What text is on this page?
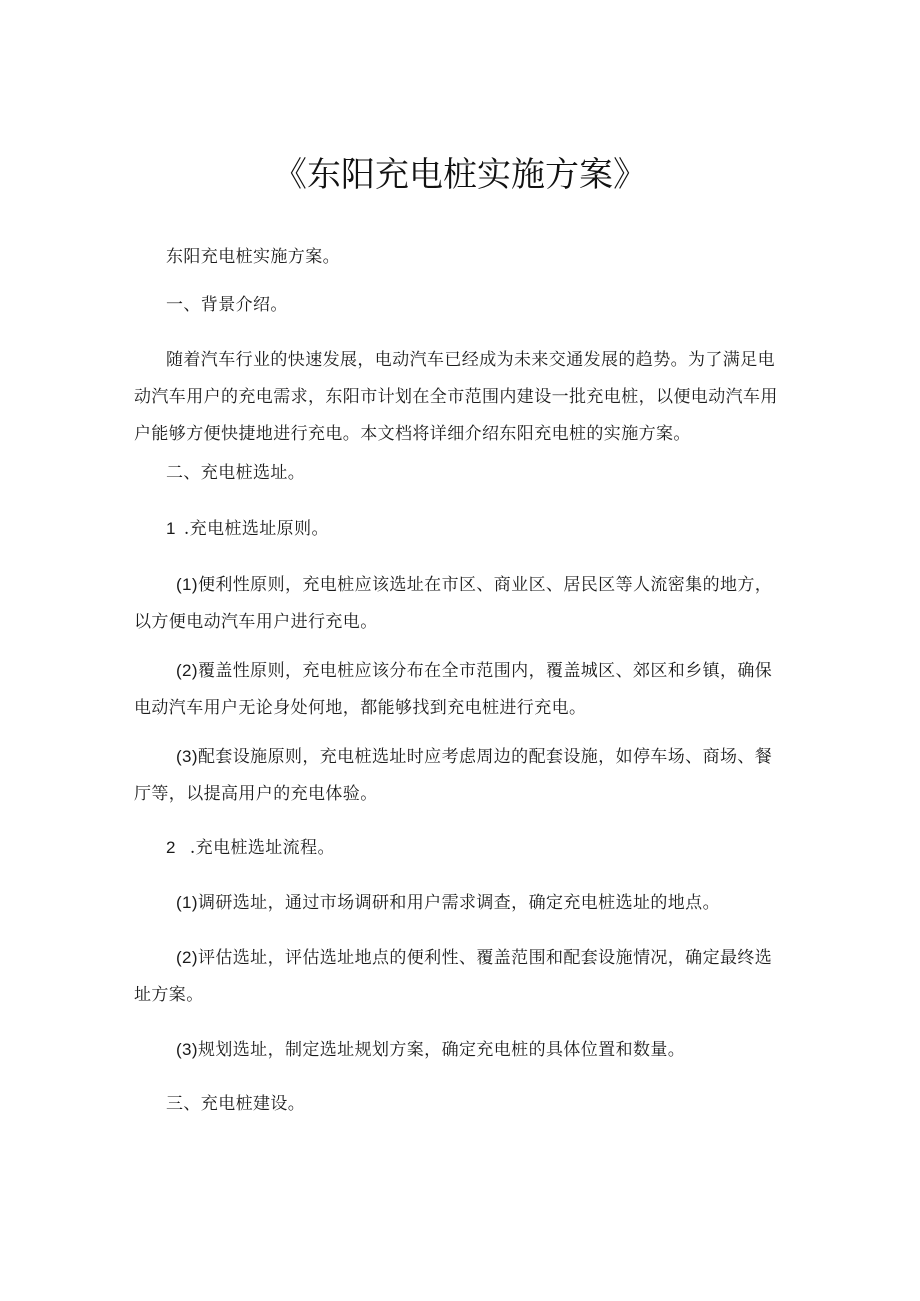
《东阳充电桩实施方案》

东阳充电桩实施方案。

一、背景介绍。

随着汽车行业的快速发展，电动汽车已经成为未来交通发展的趋势。为了满足电动汽车用户的充电需求，东阳市计划在全市范围内建设一批充电桩，以便电动汽车用户能够方便快捷地进行充电。本文档将详细介绍东阳充电桩的实施方案。

二、充电桩选址。

1 .充电桩选址原则。

(1)便利性原则，充电桩应该选址在市区、商业区、居民区等人流密集的地方，以方便电动汽车用户进行充电。

(2)覆盖性原则，充电桩应该分布在全市范围内，覆盖城区、郊区和乡镇，确保电动汽车用户无论身处何地，都能够找到充电桩进行充电。

(3)配套设施原则，充电桩选址时应考虑周边的配套设施，如停车场、商场、餐厅等，以提高用户的充电体验。

2 .充电桩选址流程。

(1)调研选址，通过市场调研和用户需求调查，确定充电桩选址的地点。

(2)评估选址，评估选址地点的便利性、覆盖范围和配套设施情况，确定最终选址方案。

(3)规划选址，制定选址规划方案，确定充电桩的具体位置和数量。

三、充电桩建设。
